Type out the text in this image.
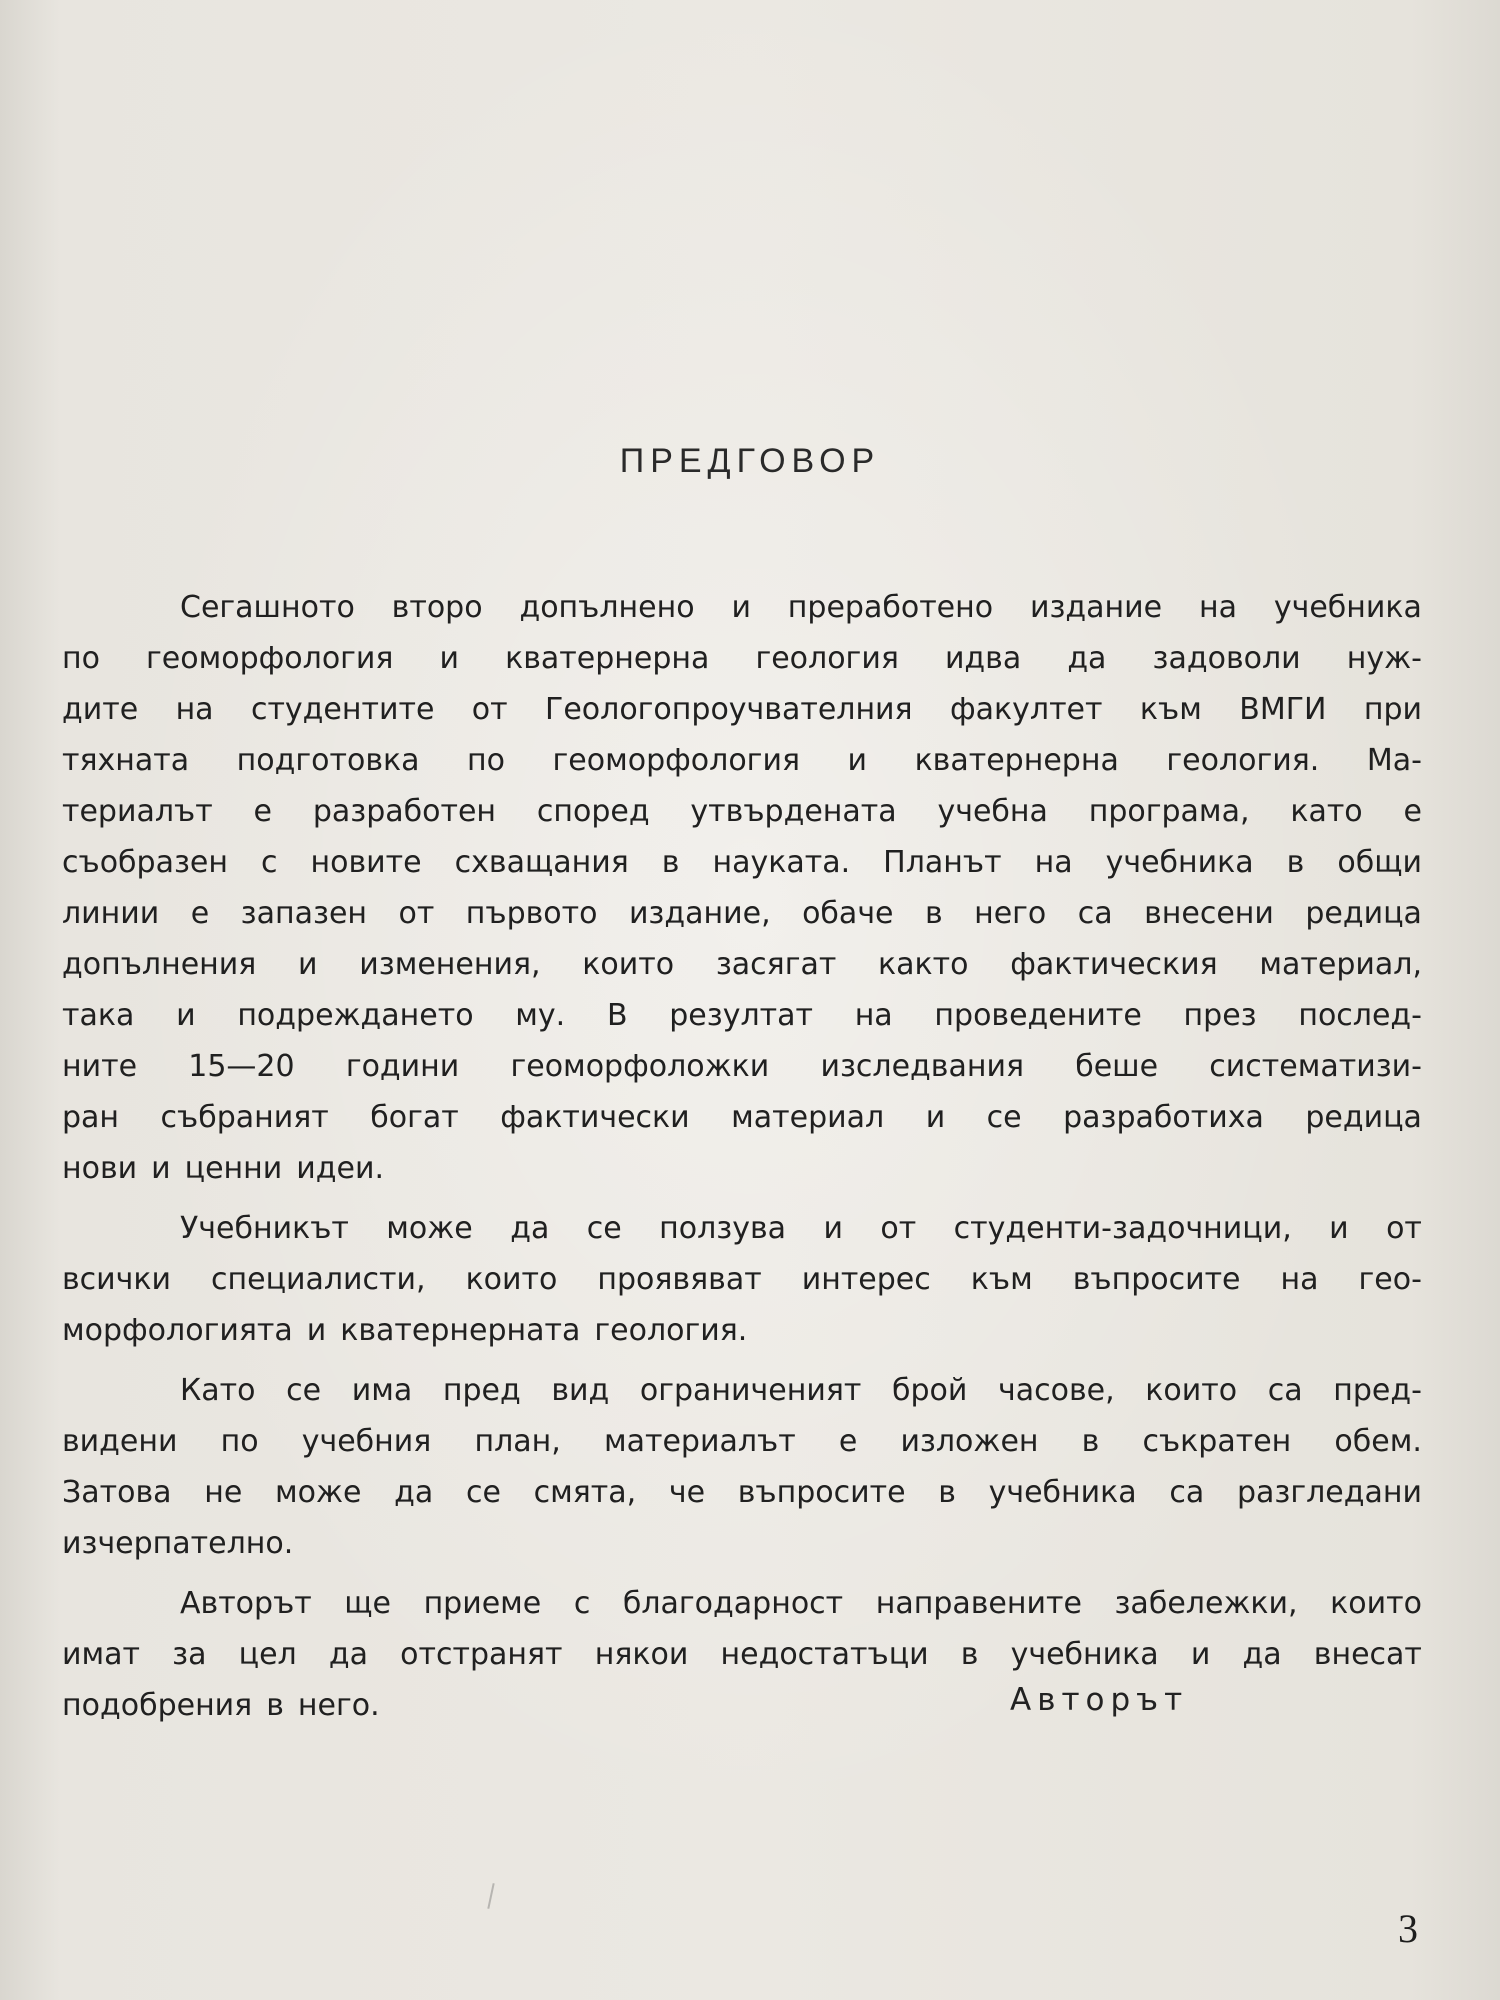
ПРЕДГОВОР
Сегашното второ допълнено и преработено издание на учебника
по геоморфология и кватернерна геология идва да задоволи нуж-
дите на студентите от Геологопроучвателния факултет към ВМГИ при
тяхната подготовка по геоморфология и кватернерна геология. Ма-
териалът е разработен според утвърдената учебна програма, като е
съобразен с новите схващания в науката. Планът на учебника в общи
линии е запазен от първото издание, обаче в него са внесени редица
допълнения и изменения, които засягат както фактическия материал,
така и подреждането му. В резултат на проведените през послед-
ните 15—20 години геоморфоложки изследвания беше систематизи-
ран събраният богат фактически материал и се разработиха редица
нови и ценни идеи.
Учебникът може да се ползува и от студенти-задочници, и от
всички специалисти, които проявяват интерес към въпросите на гео-
морфологията и кватернерната геология.
Като се има пред вид ограниченият брой часове, които са пред-
видени по учебния план, материалът е изложен в съкратен обем.
Затова не може да се смята, че въпросите в учебника са разгледани
изчерпателно.
Авторът ще приеме с благодарност направените забележки, които
имат за цел да отстранят някои недостатъци в учебника и да внесат
подобрения в него.	Авторът
3
